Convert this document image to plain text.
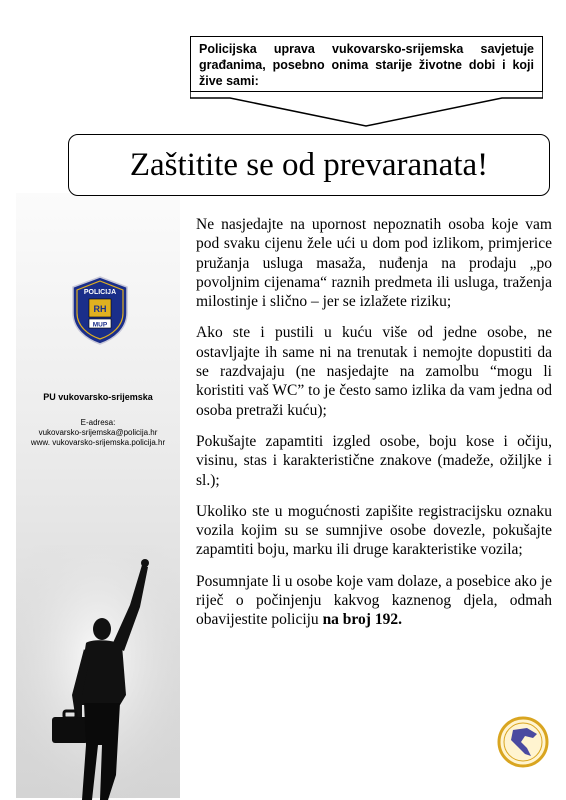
Policijska uprava vukovarsko-srijemska savjetuje građanima, posebno onima starije životne dobi i koji žive sami:
Zaštitite se od prevaranata!
POLICIJA
RH
MUP
PU vukovarsko-srijemska
E-adresa:
vukovarsko-srijemska@policija.hr
www. vukovarsko-srijemska.policija.hr

Ne nasjedajte na upornost nepoznatih osoba koje vam pod svaku cijenu žele ući u dom pod izlikom, primjerice pružanja usluga masaža, nuđenja na prodaju „po povoljnim cijenama“ raznih predmeta ili usluga, traženja milostinje i slično – jer se izlažete riziku;

Ako ste i pustili u kuću više od jedne osobe, ne ostavljajte ih same ni na trenutak i nemojte dopustiti da se razdvajaju (ne nasjedajte na zamolbu “mogu li koristiti vaš WC” to je često samo izlika da vam jedna od osoba pretraži kuću);

Pokušajte zapamtiti izgled osobe, boju kose i očiju, visinu, stas i karakteristične znakove (madeže, ožiljke i sl.);

Ukoliko ste u mogućnosti zapišite registracijsku oznaku vozila kojim su se sumnjive osobe dovezle, pokušajte zapamtiti boju, marku ili druge karakteristike vozila;

Posumnjate li u osobe koje vam dolaze, a posebice ako je riječ o počinjenju kakvog kaznenog djela, odmah obavijestite policiju na broj 192.
